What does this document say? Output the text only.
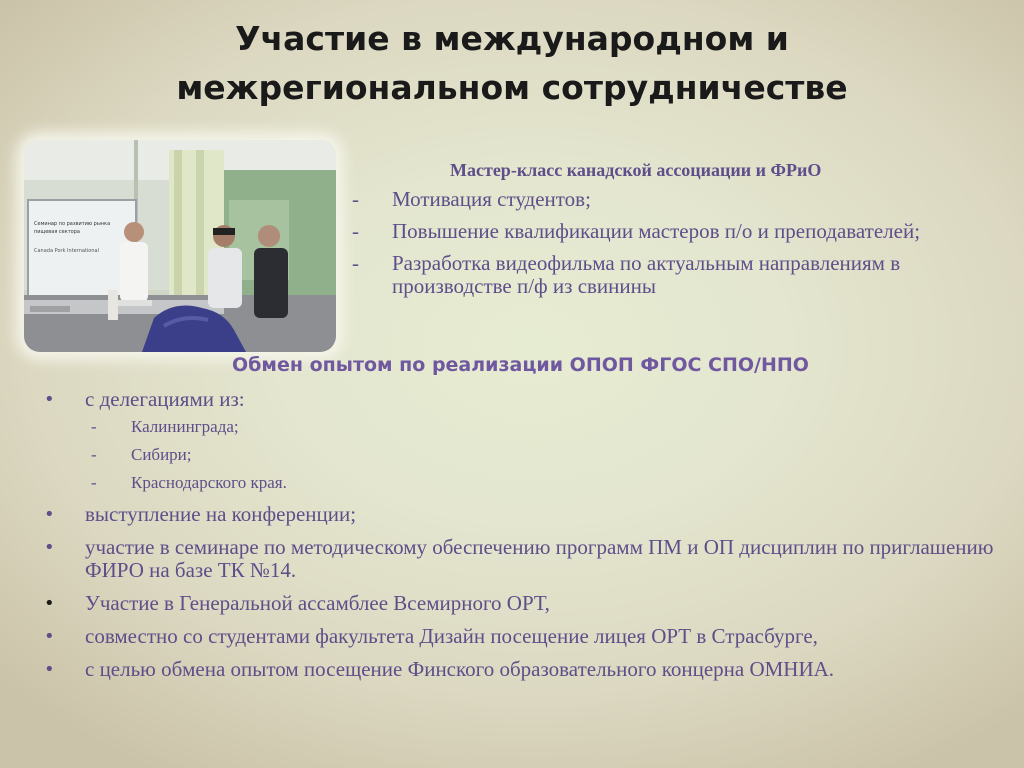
Участие в международном и
межрегиональном сотрудничестве
Семинар по развитию рынка
пищевая сектора
Canada Pork International

Мастер-класс канадской ассоциации и ФРиО

- Мотивация студентов;
- Повышение квалификации мастеров п/о и преподавателей;
- Разработка видеофильма по актуальным направлениям в производстве п/ф из свинины
Обмен опытом по реализации ОПОП ФГОС СПО/НПО
• с делегациями из:
- Калининграда;
- Сибири;
- Краснодарского края.
• выступление на конференции;
• участие в семинаре по методическому обеспечению программ ПМ и ОП дисциплин по приглашению ФИРО на базе ТК №14.
• Участие в Генеральной ассамблее Всемирного ОРТ,
• совместно со студентами факультета Дизайн посещение лицея ОРТ в Страсбурге,
• с целью обмена опытом посещение Финского образовательного концерна ОМНИА.
